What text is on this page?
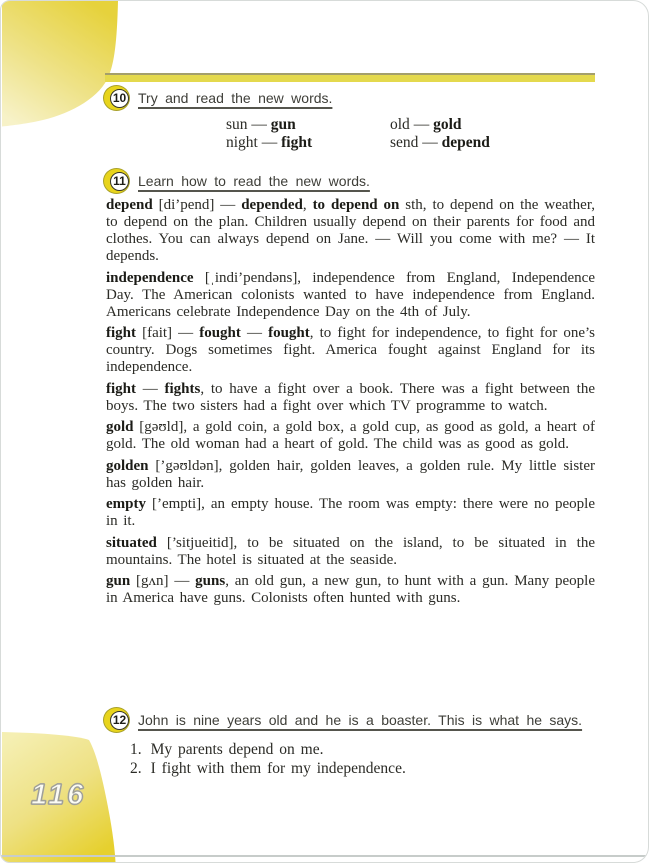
116
10 Try and read the new words.
sun — gun
night — fight
old — gold
send — depend
11 Learn how to read the new words.

depend [di’pend] — depended, to depend on sth, to depend on the weather, to depend on the plan. Children usually depend on their parents for food and clothes. You can always depend on Jane. — Will you come with me? — It depends.

independence [ˌindi’pendəns], independence from England, Independence Day. The American colonists wanted to have independence from England. Americans celebrate Independence Day on the 4th of July.

fight [fait] — fought — fought, to fight for independence, to fight for one’s country. Dogs sometimes fight. America fought against England for its independence.

fight — fights, to have a fight over a book. There was a fight between the boys. The two sisters had a fight over which TV programme to watch.

gold [gəʊld], a gold coin, a gold box, a gold cup, as good as gold, a heart of gold. The old woman had a heart of gold. The child was as good as gold.

golden [’gəʊldən], golden hair, golden leaves, a golden rule. My little sister has golden hair.

empty [’empti], an empty house. The room was empty: there were no people in it.

situated [’sitjueitid], to be situated on the island, to be situated in the mountains. The hotel is situated at the seaside.

gun [gʌn] — guns, an old gun, a new gun, to hunt with a gun. Many people in America have guns. Colonists often hunted with guns.

12 John is nine years old and he is a boaster. This is what he says.
1. My parents depend on me.
2. I fight with them for my independence.
